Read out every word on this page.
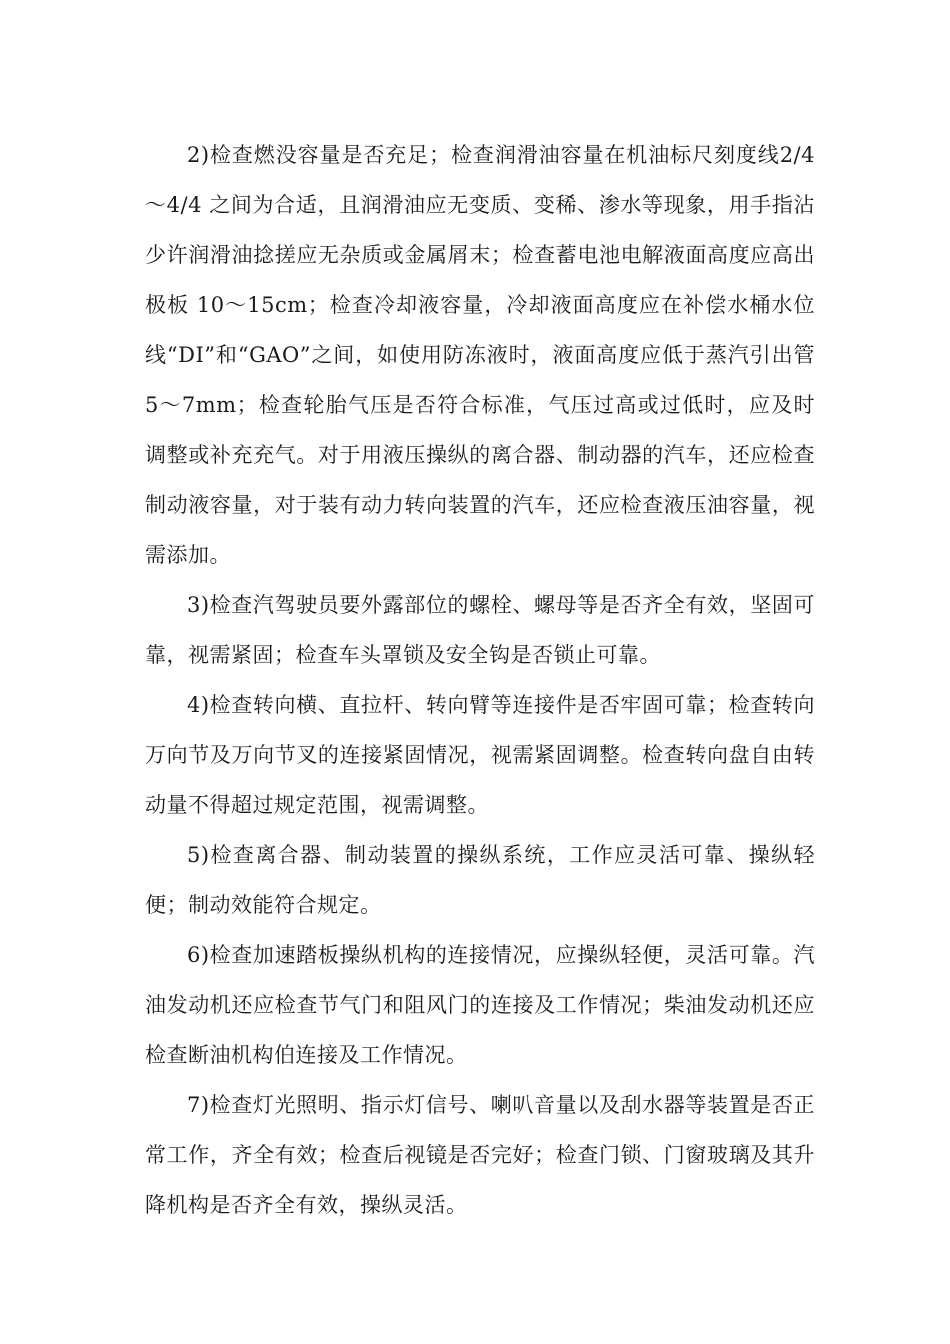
2)检查燃没容量是否充足；检查润滑油容量在机油标尺刻度线2/4～4/4 之间为合适，且润滑油应无变质、变稀、渗水等现象，用手指沾少许润滑油捻搓应无杂质或金属屑末；检查蓄电池电解液面高度应高出极板 10～15cm；检查冷却液容量，冷却液面高度应在补偿水桶水位线“DI”和“GAO”之间，如使用防冻液时，液面高度应低于蒸汽引出管 5～7mm；检查轮胎气压是否符合标准，气压过高或过低时，应及时调整或补充充气。对于用液压操纵的离合器、制动器的汽车，还应检查制动液容量，对于装有动力转向装置的汽车，还应检查液压油容量，视需添加。

3)检查汽驾驶员要外露部位的螺栓、螺母等是否齐全有效，坚固可靠，视需紧固；检查车头罩锁及安全钩是否锁止可靠。

4)检查转向横、直拉杆、转向臂等连接件是否牢固可靠；检查转向万向节及万向节叉的连接紧固情况，视需紧固调整。检查转向盘自由转动量不得超过规定范围，视需调整。

5)检查离合器、制动装置的操纵系统，工作应灵活可靠、操纵轻便；制动效能符合规定。

6)检查加速踏板操纵机构的连接情况，应操纵轻便，灵活可靠。汽油发动机还应检查节气门和阻风门的连接及工作情况；柴油发动机还应检查断油机构伯连接及工作情况。

7)检查灯光照明、指示灯信号、喇叭音量以及刮水器等装置是否正常工作，齐全有效；检查后视镜是否完好；检查门锁、门窗玻璃及其升降机构是否齐全有效，操纵灵活。
